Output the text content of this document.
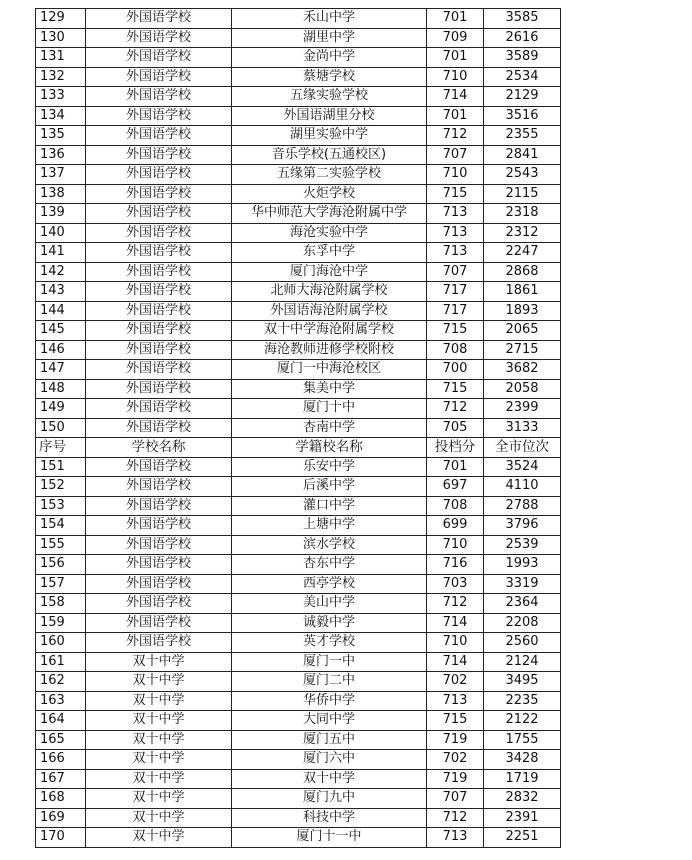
129	外国语学校	禾山中学	701	3585
130	外国语学校	湖里中学	709	2616
131	外国语学校	金尚中学	701	3589
132	外国语学校	蔡塘学校	710	2534
133	外国语学校	五缘实验学校	714	2129
134	外国语学校	外国语湖里分校	701	3516
135	外国语学校	湖里实验中学	712	2355
136	外国语学校	音乐学校(五通校区)	707	2841
137	外国语学校	五缘第二实验学校	710	2543
138	外国语学校	火炬学校	715	2115
139	外国语学校	华中师范大学海沧附属中学	713	2318
140	外国语学校	海沧实验中学	713	2312
141	外国语学校	东孚中学	713	2247
142	外国语学校	厦门海沧中学	707	2868
143	外国语学校	北师大海沧附属学校	717	1861
144	外国语学校	外国语海沧附属学校	717	1893
145	外国语学校	双十中学海沧附属学校	715	2065
146	外国语学校	海沧教师进修学校附校	708	2715
147	外国语学校	厦门一中海沧校区	700	3682
148	外国语学校	集美中学	715	2058
149	外国语学校	厦门十中	712	2399
150	外国语学校	杏南中学	705	3133
序号	学校名称	学籍校名称	投档分	全市位次
151	外国语学校	乐安中学	701	3524
152	外国语学校	后溪中学	697	4110
153	外国语学校	灌口中学	708	2788
154	外国语学校	上塘中学	699	3796
155	外国语学校	滨水学校	710	2539
156	外国语学校	杏东中学	716	1993
157	外国语学校	西亭学校	703	3319
158	外国语学校	美山中学	712	2364
159	外国语学校	诚毅中学	714	2208
160	外国语学校	英才学校	710	2560
161	双十中学	厦门一中	714	2124
162	双十中学	厦门二中	702	3495
163	双十中学	华侨中学	713	2235
164	双十中学	大同中学	715	2122
165	双十中学	厦门五中	719	1755
166	双十中学	厦门六中	702	3428
167	双十中学	双十中学	719	1719
168	双十中学	厦门九中	707	2832
169	双十中学	科技中学	712	2391
170	双十中学	厦门十一中	713	2251
